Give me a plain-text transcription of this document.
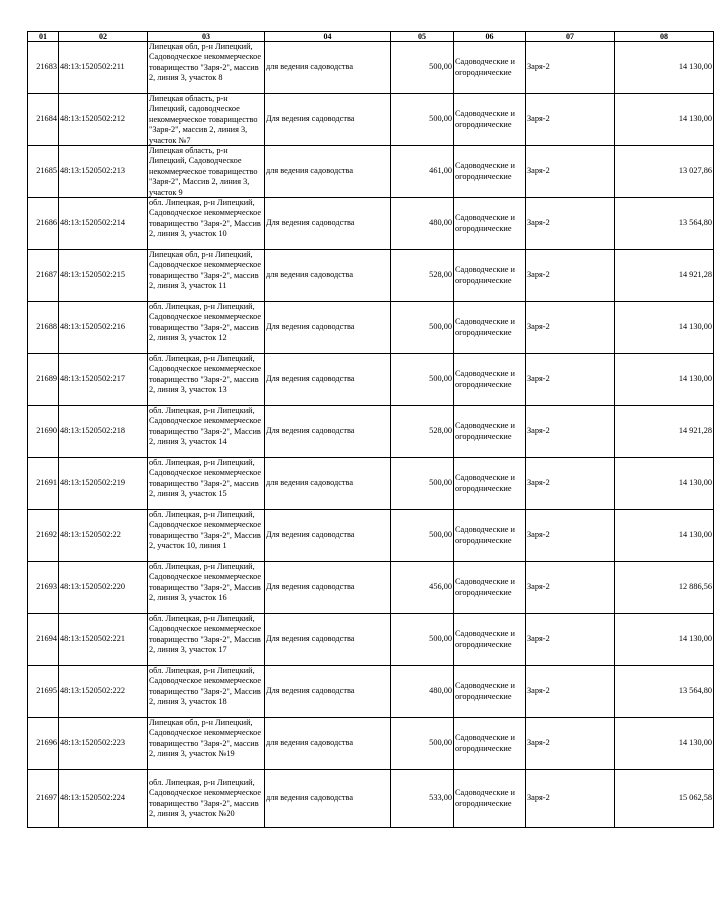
01	02	03	04	05	06	07	08
21683	48:13:1520502:211	Липецкая обл, р-н Липецкий, Садоводческое некоммерческое товарищество "Заря-2", массив 2, линия 3, участок 8	для ведения садоводства	500,00	Садоводческие и огороднические	Заря-2	14 130,00
21684	48:13:1520502:212	Липецкая область, р-н Липецкий, садоводческое некоммерческое товарищество "Заря-2", массив 2, линия 3, участок №7	Для ведения садоводства	500,00	Садоводческие и огороднические	Заря-2	14 130,00
21685	48:13:1520502:213	Липецкая область, р-н Липецкий, Садоводческое некоммерческое товарищество "Заря-2", Массив 2, линия 3, участок 9	для ведения садоводства	461,00	Садоводческие и огороднические	Заря-2	13 027,86
21686	48:13:1520502:214	обл. Липецкая, р-н Липецкий, Садоводческое некоммерческое товарищество "Заря-2", Массив 2, линия 3, участок 10	Для ведения садоводства	480,00	Садоводческие и огороднические	Заря-2	13 564,80
21687	48:13:1520502:215	Липецкая обл, р-н Липецкий, Садоводческое некоммерческое товарищество "Заря-2", массив 2, линия 3, участок 11	для ведения садоводства	528,00	Садоводческие и огороднические	Заря-2	14 921,28
21688	48:13:1520502:216	обл. Липецкая, р-н Липецкий, Садоводческое некоммерческое товарищество "Заря-2", массив 2, линия 3, участок 12	Для ведения садоводства	500,00	Садоводческие и огороднические	Заря-2	14 130,00
21689	48:13:1520502:217	обл. Липецкая, р-н Липецкий, Садоводческое некоммерческое товарищество "Заря-2", массив 2, линия 3, участок 13	Для ведения садоводства	500,00	Садоводческие и огороднические	Заря-2	14 130,00
21690	48:13:1520502:218	обл. Липецкая, р-н Липецкий, Садоводческое некоммерческое товарищество "Заря-2", Массив 2, линия 3, участок 14	Для ведения садоводства	528,00	Садоводческие и огороднические	Заря-2	14 921,28
21691	48:13:1520502:219	обл. Липецкая, р-н Липецкий, Садоводческое некоммерческое товарищество "Заря-2", массив 2, линия 3, участок 15	для ведения садоводства	500,00	Садоводческие и огороднические	Заря-2	14 130,00
21692	48:13:1520502:22	обл. Липецкая, р-н Липецкий, Садоводческое некоммерческое товарищество "Заря-2", Массив 2, участок 10, линия 1	Для ведения садоводства	500,00	Садоводческие и огороднические	Заря-2	14 130,00
21693	48:13:1520502:220	обл. Липецкая, р-н Липецкий, Садоводческое некоммерческое товарищество "Заря-2", Массив 2, линия 3, участок 16	Для ведения садоводства	456,00	Садоводческие и огороднические	Заря-2	12 886,56
21694	48:13:1520502:221	обл. Липецкая, р-н Липецкий, Садоводческое некоммерческое товарищество "Заря-2", Массив 2, линия 3, участок 17	Для ведения садоводства	500,00	Садоводческие и огороднические	Заря-2	14 130,00
21695	48:13:1520502:222	обл. Липецкая, р-н Липецкий, Садоводческое некоммерческое товарищество "Заря-2", Массив 2, линия 3, участок 18	Для ведения садоводства	480,00	Садоводческие и огороднические	Заря-2	13 564,80
21696	48:13:1520502:223	Липецкая обл, р-н Липецкий, Садоводческое некоммерческое товарищество "Заря-2", массив 2, линия 3, участок №19	для ведения садоводства	500,00	Садоводческие и огороднические	Заря-2	14 130,00
21697	48:13:1520502:224	обл. Липецкая, р-н Липецкий, Садоводческое некоммерческое товарищество "Заря-2", массив 2, линия 3, участок №20	для ведения садоводства	533,00	Садоводческие и огороднические	Заря-2	15 062,58
